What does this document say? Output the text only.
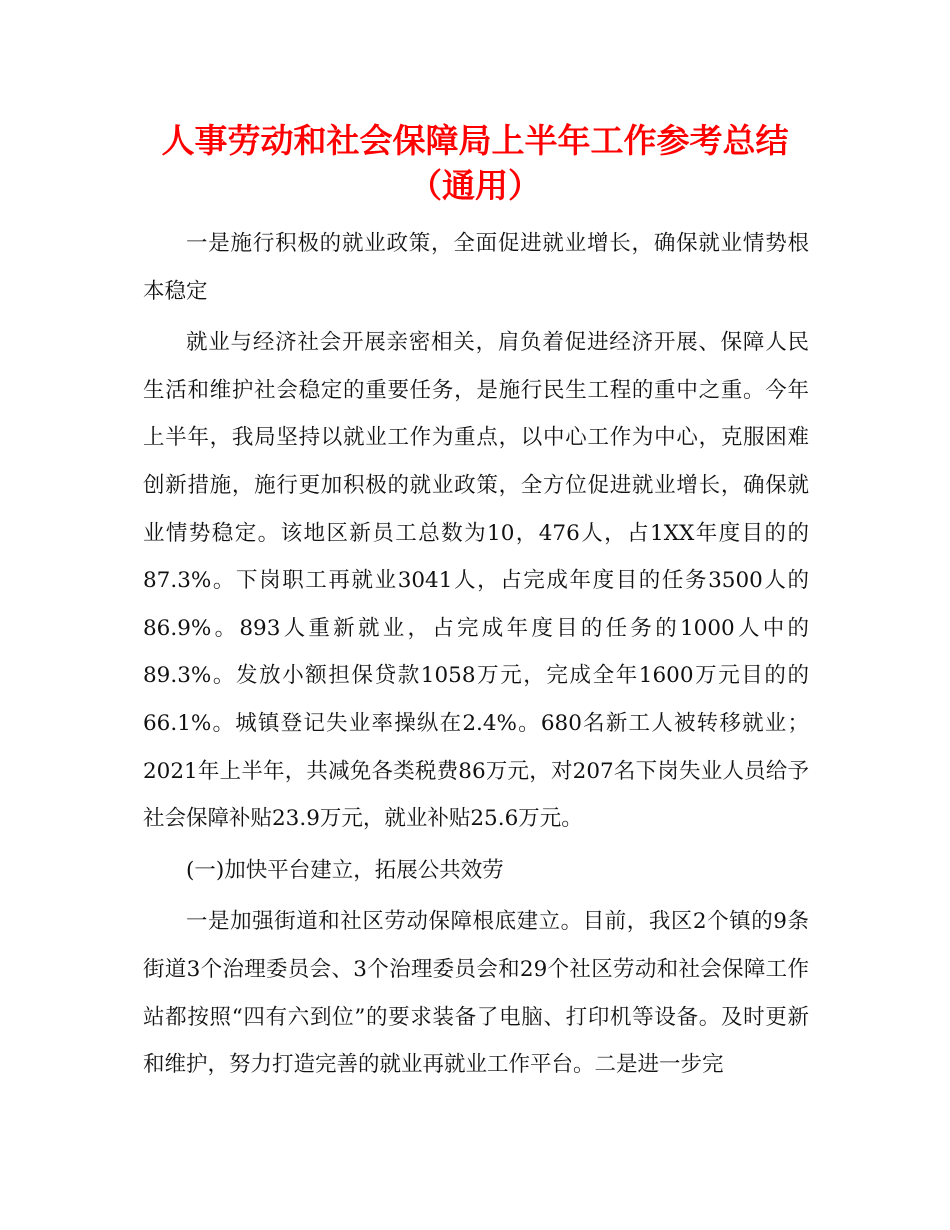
人事劳动和社会保障局上半年工作参考总结（通用）

一是施行积极的就业政策，全面促进就业增长，确保就业情势根本稳定

就业与经济社会开展亲密相关，肩负着促进经济开展、保障人民生活和维护社会稳定的重要任务，是施行民生工程的重中之重。今年上半年，我局坚持以就业工作为重点，以中心工作为中心，克服困难创新措施，施行更加积极的就业政策，全方位促进就业增长，确保就业情势稳定。该地区新员工总数为10，476人，占1XX年度目的的87.3%。下岗职工再就业3041人，占完成年度目的任务3500人的86.9%。893人重新就业，占完成年度目的任务的1000人中的89.3%。发放小额担保贷款1058万元，完成全年1600万元目的的66.1%。城镇登记失业率操纵在2.4%。680名新工人被转移就业；2021年上半年，共减免各类税费86万元，对207名下岗失业人员给予社会保障补贴23.9万元，就业补贴25.6万元。

(一)加快平台建立，拓展公共效劳

一是加强街道和社区劳动保障根底建立。目前，我区2个镇的9条街道3个治理委员会、3个治理委员会和29个社区劳动和社会保障工作站都按照“四有六到位”的要求装备了电脑、打印机等设备。及时更新和维护，努力打造完善的就业再就业工作平台。二是进一步完
